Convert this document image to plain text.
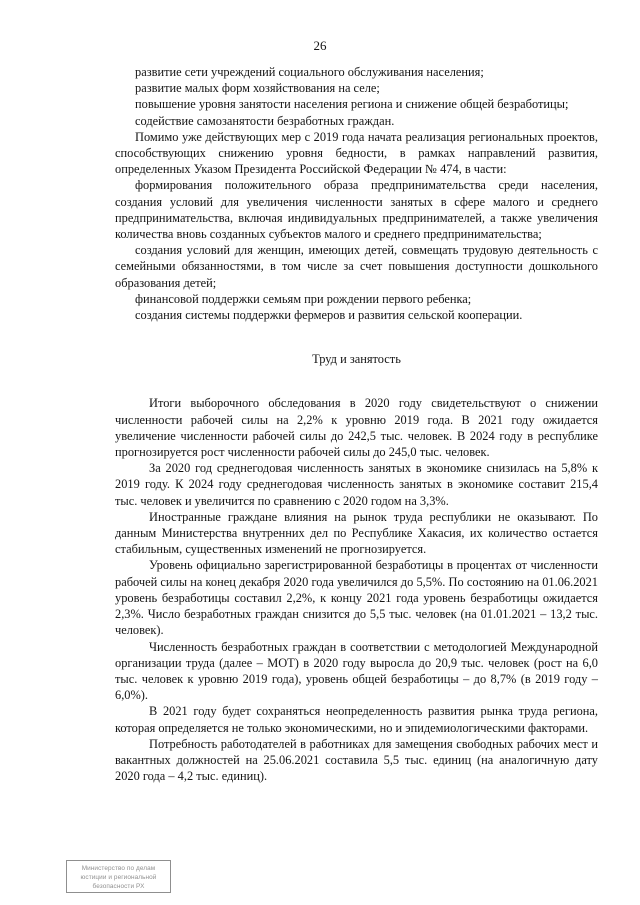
26

развитие сети учреждений социального обслуживания населения;

развитие малых форм хозяйствования на селе;

повышение уровня занятости населения региона и снижение общей безработицы;

содействие самозанятости безработных граждан.

Помимо уже действующих мер с 2019 года начата реализация региональных проектов, способствующих снижению уровня бедности, в рамках направлений развития, определенных Указом Президента Российской Федерации № 474, в части:

формирования положительного образа предпринимательства среди населения, создания условий для увеличения численности занятых в сфере малого и среднего предпринимательства, включая индивидуальных предпринимателей, а также увеличения количества вновь созданных субъектов малого и среднего предпринимательства;

создания условий для женщин, имеющих детей, совмещать трудовую деятельность с семейными обязанностями, в том числе за счет повышения доступности дошкольного образования детей;

финансовой поддержки семьям при рождении первого ребенка;

создания системы поддержки фермеров и развития сельской кооперации.

Труд и занятость

Итоги выборочного обследования в 2020 году свидетельствуют о снижении численности рабочей силы на 2,2% к уровню 2019 года. В 2021 году ожидается увеличение численности рабочей силы до 242,5 тыс. человек. В 2024 году в республике прогнозируется рост численности рабочей силы до 245,0 тыс. человек.

За 2020 год среднегодовая численность занятых в экономике снизилась на 5,8% к 2019 году. К 2024 году среднегодовая численность занятых в экономике составит 215,4 тыс. человек и увеличится по сравнению с 2020 годом на 3,3%.

Иностранные граждане влияния на рынок труда республики не оказывают. По данным Министерства внутренних дел по Республике Хакасия, их количество остается стабильным, существенных изменений не прогнозируется.

Уровень официально зарегистрированной безработицы в процентах от численности рабочей силы на конец декабря 2020 года увеличился до 5,5%. По состоянию на 01.06.2021 уровень безработицы составил 2,2%, к концу 2021 года уровень безработицы ожидается 2,3%. Число безработных граждан снизится до 5,5 тыс. человек (на 01.01.2021 – 13,2 тыс. человек).

Численность безработных граждан в соответствии с методологией Международной организации труда (далее – МОТ) в 2020 году выросла до 20,9 тыс. человек (рост на 6,0 тыс. человек к уровню 2019 года), уровень общей безработицы – до 8,7% (в 2019 году – 6,0%).

В 2021 году будет сохраняться неопределенность развития рынка труда региона, которая определяется не только экономическими, но и эпидемиологическими факторами.

Потребность работодателей в работниках для замещения свободных рабочих мест и вакантных должностей на 25.06.2021 составила 5,5 тыс. единиц (на аналогичную дату 2020 года – 4,2 тыс. единиц).

Министерство по делам
юстиции и региональной
безопасности РХ
